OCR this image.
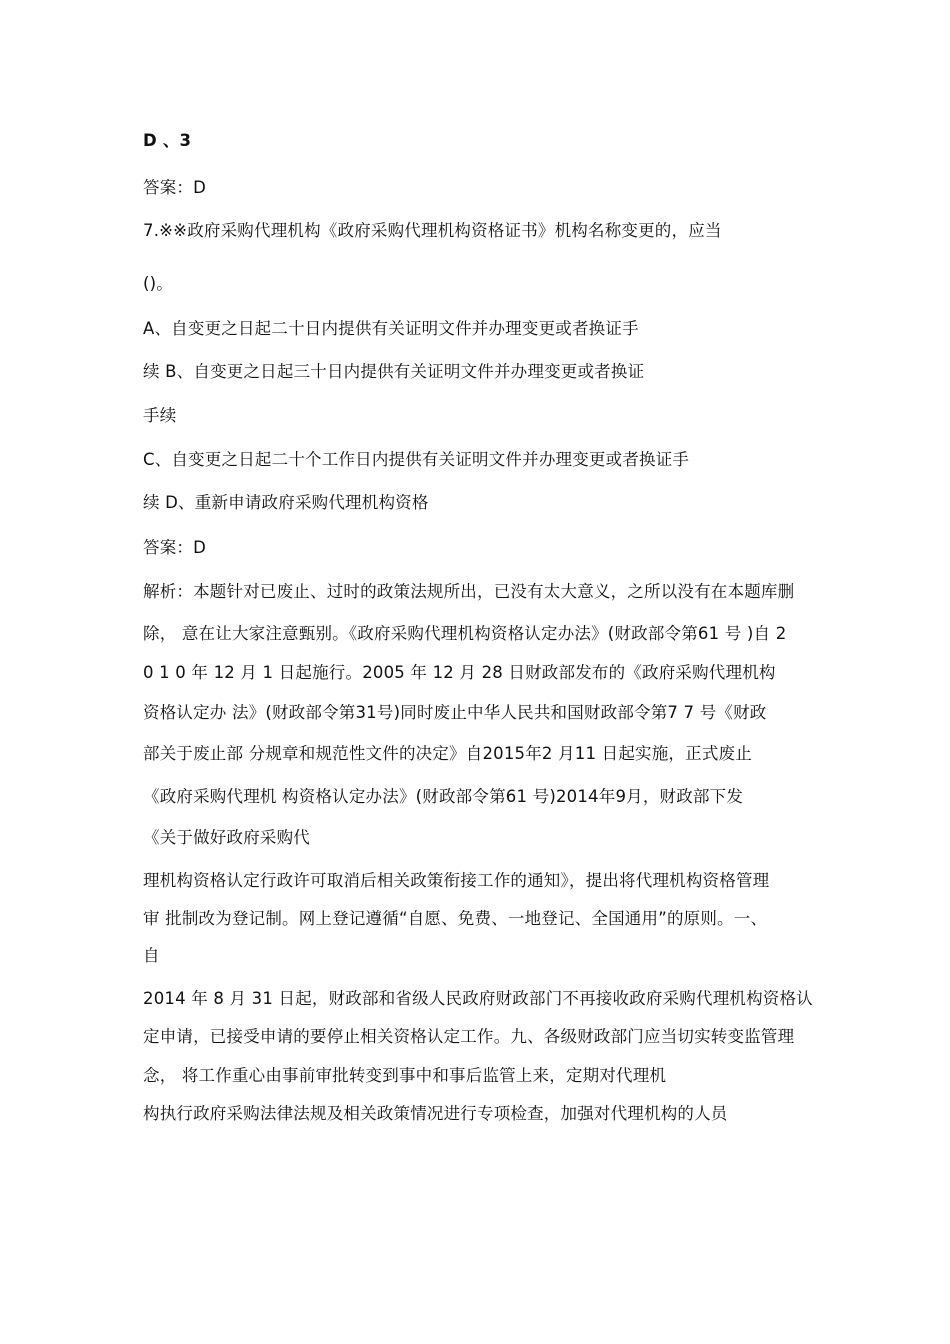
D 、3
答案：D
7.※※政府采购代理机构《政府采购代理机构资格证书》机构名称变更的，应当
()。
A、自变更之日起二十日内提供有关证明文件并办理变更或者换证手
续 B、自变更之日起三十日内提供有关证明文件并办理变更或者换证
手续
C、自变更之日起二十个工作日内提供有关证明文件并办理变更或者换证手
续 D、重新申请政府采购代理机构资格
答案：D
解析：本题针对已废止、过时的政策法规所出，已没有太大意义，之所以没有在本题库删
除， 意在让大家注意甄别。《政府采购代理机构资格认定办法》(财政部令第61 号 )自 2
0 1 0 年 12 月 1 日起施行。2005 年 12 月 28 日财政部发布的《政府采购代理机构
资格认定办 法》(财政部令第31号)同时废止中华人民共和国财政部令第7 7 号《财政
部关于废止部 分规章和规范性文件的决定》自2015年2 月11 日起实施，正式废止
《政府采购代理机 构资格认定办法》(财政部令第61 号)2014年9月，财政部下发
《关于做好政府采购代
理机构资格认定行政许可取消后相关政策衔接工作的通知》，提出将代理机构资格管理
审 批制改为登记制。网上登记遵循“自愿、免费、一地登记、全国通用”的原则。一、
自
2014 年 8 月 31 日起，财政部和省级人民政府财政部门不再接收政府采购代理机构资格认
定申请，已接受申请的要停止相关资格认定工作。九、各级财政部门应当切实转变监管理
念， 将工作重心由事前审批转变到事中和事后监管上来，定期对代理机
构执行政府采购法律法规及相关政策情况进行专项检查，加强对代理机构的人员
